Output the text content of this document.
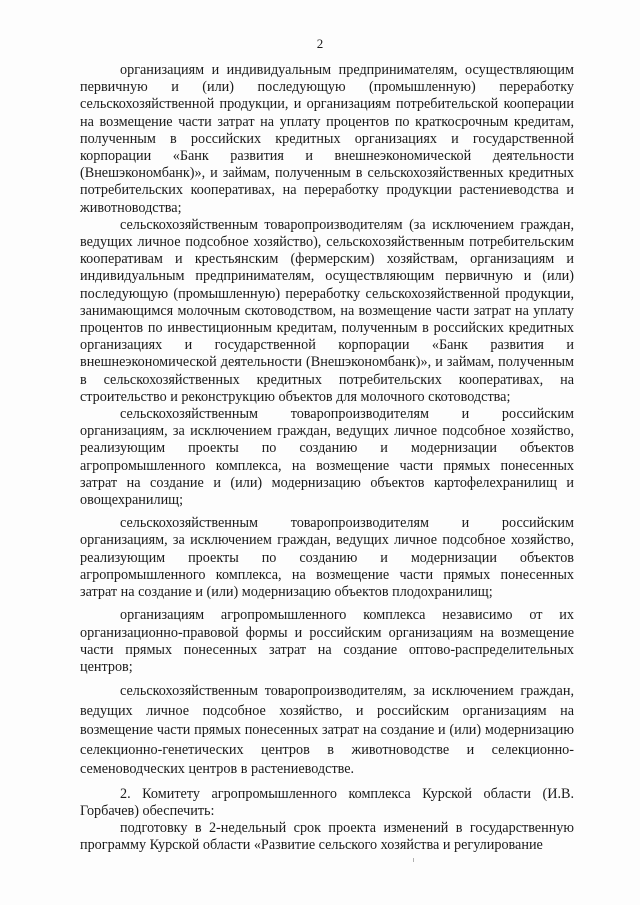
2

организациям и индивидуальным предпринимателям, осуществляющим первичную и (или) последующую (промышленную) переработку сельскохозяйственной продукции, и организациям потребительской кооперации на возмещение части затрат на уплату процентов по краткосрочным кредитам, полученным в российских кредитных организациях и государственной корпорации «Банк развития и внешнеэкономической деятельности (Внешэкономбанк)», и займам, полученным в сельскохозяйственных кредитных потребительских кооперативах, на переработку продукции растениеводства и животноводства;

сельскохозяйственным товаропроизводителям (за исключением граждан, ведущих личное подсобное хозяйство), сельскохозяйственным потребительским кооперативам и крестьянским (фермерским) хозяйствам, организациям и индивидуальным предпринимателям, осуществляющим первичную и (или) последующую (промышленную) переработку сельскохозяйственной продукции, занимающимся молочным скотоводством, на возмещение части затрат на уплату процентов по инвестиционным кредитам, полученным в российских кредитных организациях и государственной корпорации «Банк развития и внешнеэкономической деятельности (Внешэкономбанк)», и займам, полученным в сельскохозяйственных кредитных потребительских кооперативах, на строительство и реконструкцию объектов для молочного скотоводства;

сельскохозяйственным товаропроизводителям и российским организациям, за исключением граждан, ведущих личное подсобное хозяйство, реализующим проекты по созданию и модернизации объектов агропромышленного комплекса, на возмещение части прямых понесенных затрат на создание и (или) модернизацию объектов картофелехранилищ и овощехранилищ;

сельскохозяйственным товаропроизводителям и российским организациям, за исключением граждан, ведущих личное подсобное хозяйство, реализующим проекты по созданию и модернизации объектов агропромышленного комплекса, на возмещение части прямых понесенных затрат на создание и (или) модернизацию объектов плодохранилищ;

организациям агропромышленного комплекса независимо от их организационно-правовой формы и российским организациям на возмещение части прямых понесенных затрат на создание оптово-распределительных центров;

сельскохозяйственным товаропроизводителям, за исключением граждан, ведущих личное подсобное хозяйство, и российским организациям на возмещение части прямых понесенных затрат на создание и (или) модернизацию селекционно-генетических центров в животноводстве и селекционно-семеноводческих центров в растениеводстве.

2. Комитету агропромышленного комплекса Курской области (И.В. Горбачев) обеспечить:

подготовку в 2-недельный срок проекта изменений в государственную программу Курской области «Развитие сельского хозяйства и регулирование
